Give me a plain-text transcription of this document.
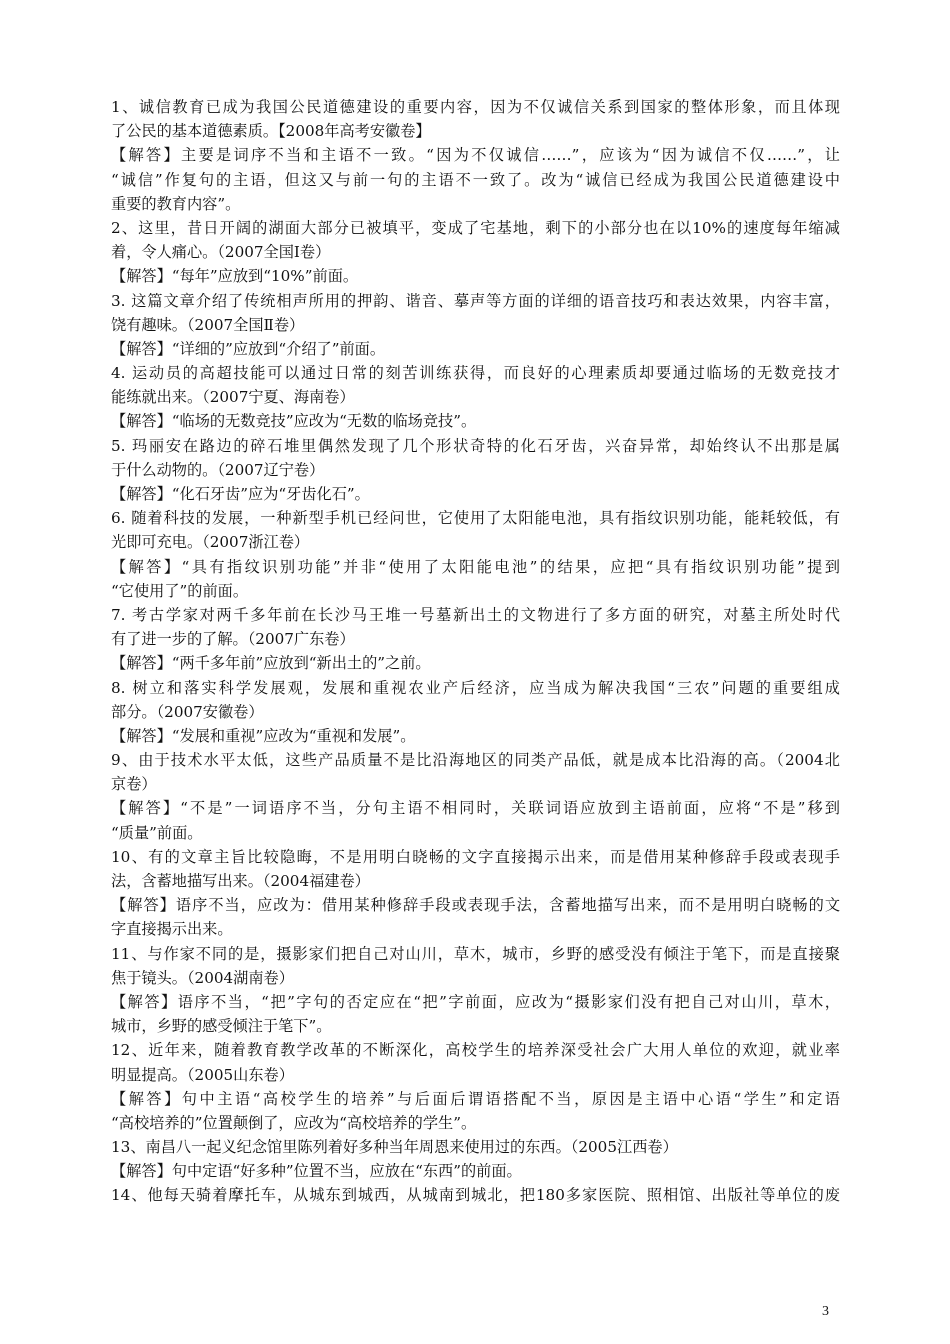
1、诚信教育已成为我国公民道德建设的重要内容，因为不仅诚信关系到国家的整体形象，而且体现
了公民的基本道德素质。【2008年高考安徽卷】
【解答】主要是词序不当和主语不一致。“因为不仅诚信……”，应该为“因为诚信不仅……”，让
“诚信”作复句的主语，但这又与前一句的主语不一致了。改为“诚信已经成为我国公民道德建设中
重要的教育内容”。
2、这里，昔日开阔的湖面大部分已被填平，变成了宅基地，剩下的小部分也在以10%的速度每年缩减
着，令人痛心。（2007全国Ⅰ卷）
【解答】“每年”应放到“10%”前面。
3. 这篇文章介绍了传统相声所用的押韵、谐音、摹声等方面的详细的语音技巧和表达效果，内容丰富，
饶有趣味。（2007全国Ⅱ卷）
【解答】“详细的”应放到“介绍了”前面。
4. 运动员的高超技能可以通过日常的刻苦训练获得，而良好的心理素质却要通过临场的无数竞技才
能练就出来。（2007宁夏、海南卷）
【解答】“临场的无数竞技”应改为“无数的临场竞技”。
5. 玛丽安在路边的碎石堆里偶然发现了几个形状奇特的化石牙齿，兴奋异常，却始终认不出那是属
于什么动物的。（2007辽宁卷）
【解答】“化石牙齿”应为“牙齿化石”。
6. 随着科技的发展，一种新型手机已经问世，它使用了太阳能电池，具有指纹识别功能，能耗较低，有
光即可充电。（2007浙江卷）
【解答】“具有指纹识别功能”并非“使用了太阳能电池”的结果，应把“具有指纹识别功能”提到
“它使用了”的前面。
7. 考古学家对两千多年前在长沙马王堆一号墓新出土的文物进行了多方面的研究，对墓主所处时代
有了进一步的了解。（2007广东卷）
【解答】“两千多年前”应放到“新出土的”之前。
8. 树立和落实科学发展观，发展和重视农业产后经济，应当成为解决我国“三农”问题的重要组成
部分。（2007安徽卷）
【解答】“发展和重视”应改为“重视和发展”。
9、由于技术水平太低，这些产品质量不是比沿海地区的同类产品低，就是成本比沿海的高。（2004北
京卷）
【解答】“不是”一词语序不当，分句主语不相同时，关联词语应放到主语前面，应将“不是”移到
“质量”前面。
10、有的文章主旨比较隐晦，不是用明白晓畅的文字直接揭示出来，而是借用某种修辞手段或表现手
法，含蓄地描写出来。（2004福建卷）
【解答】语序不当，应改为：借用某种修辞手段或表现手法，含蓄地描写出来，而不是用明白晓畅的文
字直接揭示出来。
11、与作家不同的是，摄影家们把自己对山川，草木，城市，乡野的感受没有倾注于笔下，而是直接聚
焦于镜头。（2004湖南卷）
【解答】语序不当，“把”字句的否定应在“把”字前面，应改为“摄影家们没有把自己对山川，草木，
城市，乡野的感受倾注于笔下”。
12、近年来，随着教育教学改革的不断深化，高校学生的培养深受社会广大用人单位的欢迎，就业率
明显提高。（2005山东卷）
【解答】句中主语“高校学生的培养”与后面后谓语搭配不当，原因是主语中心语“学生”和定语
“高校培养的”位置颠倒了，应改为“高校培养的学生”。
13、南昌八一起义纪念馆里陈列着好多种当年周恩来使用过的东西。（2005江西卷）
【解答】句中定语“好多种”位置不当，应放在“东西”的前面。
14、他每天骑着摩托车，从城东到城西，从城南到城北，把180多家医院、照相馆、出版社等单位的废
3
